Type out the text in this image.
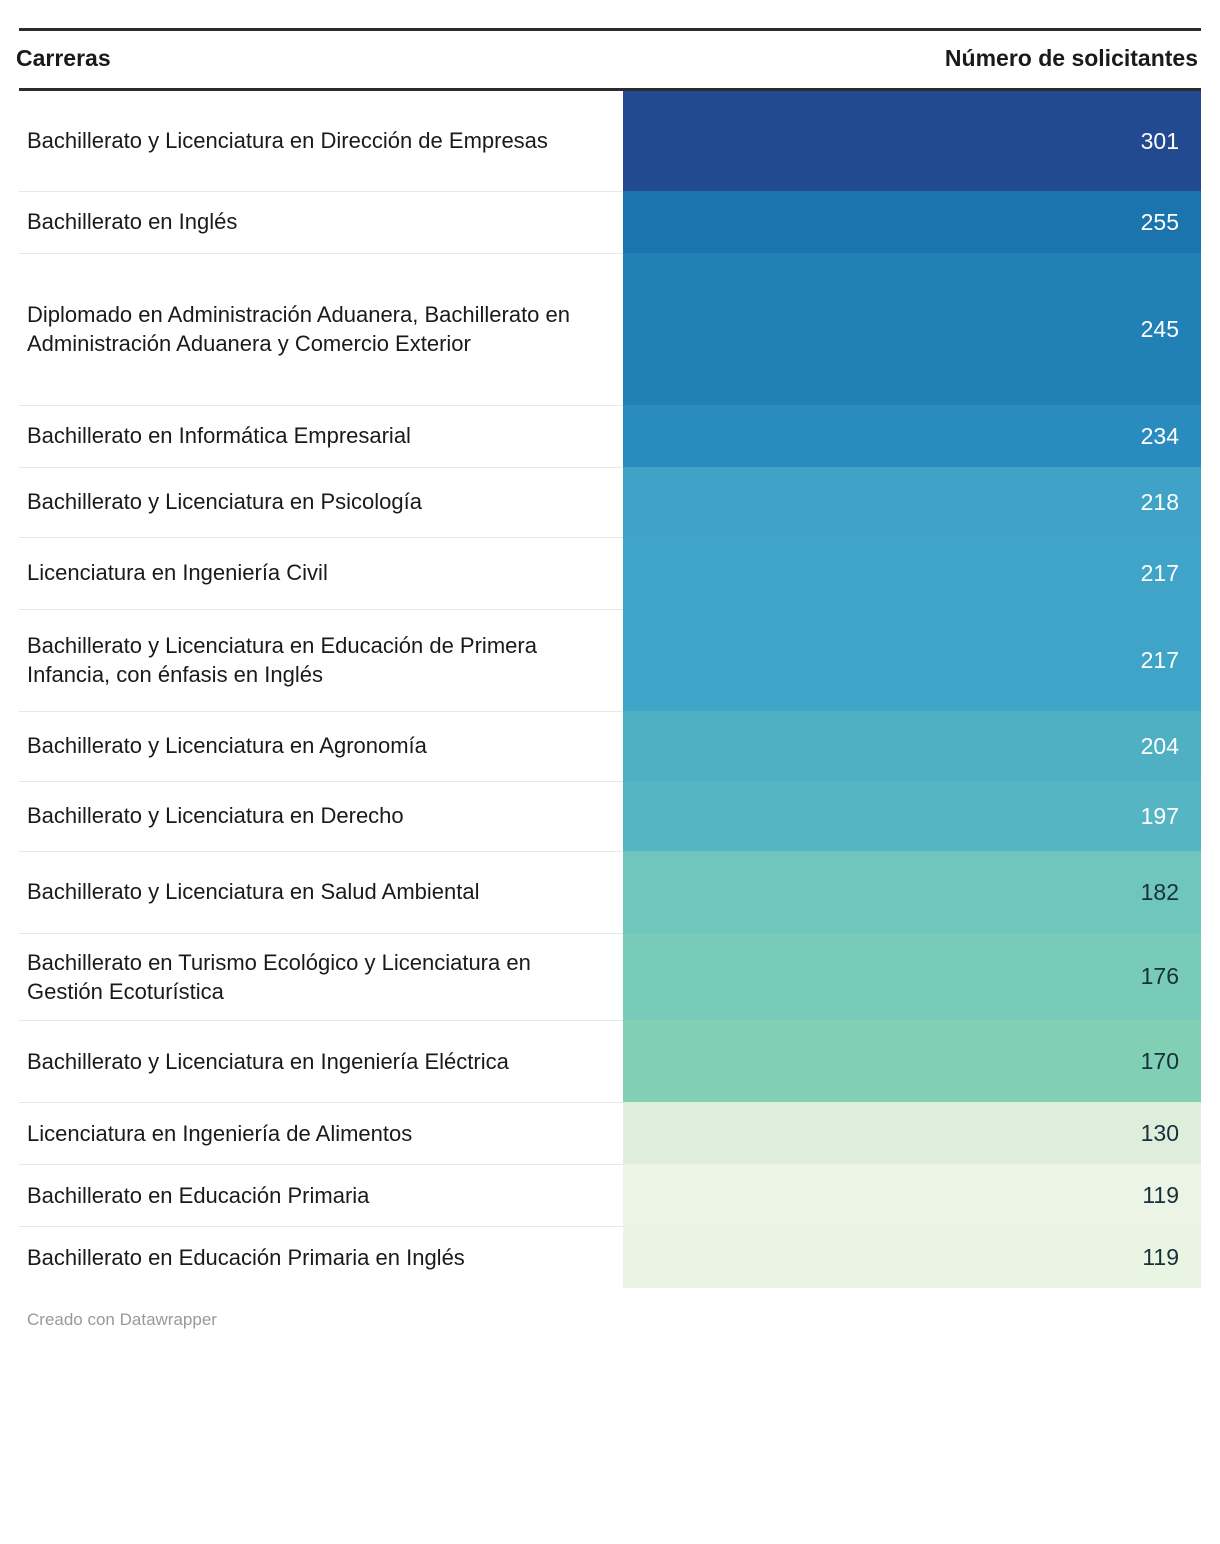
Carreras	Número de solicitantes
Bachillerato y Licenciatura en Dirección de Empresas	301
Bachillerato en Inglés	255
Diplomado en Administración Aduanera, Bachillerato en Administración Aduanera y Comercio Exterior	245
Bachillerato en Informática Empresarial	234
Bachillerato y Licenciatura en Psicología	218
Licenciatura en Ingeniería Civil	217
Bachillerato y Licenciatura en Educación de Primera Infancia, con énfasis en Inglés	217
Bachillerato y Licenciatura en Agronomía	204
Bachillerato y Licenciatura en Derecho	197
Bachillerato y Licenciatura en Salud Ambiental	182
Bachillerato en Turismo Ecológico y Licenciatura en Gestión Ecoturística	176
Bachillerato y Licenciatura en Ingeniería Eléctrica	170
Licenciatura en Ingeniería de Alimentos	130
Bachillerato en Educación Primaria	119
Bachillerato en Educación Primaria en Inglés	119
Creado con Datawrapper
